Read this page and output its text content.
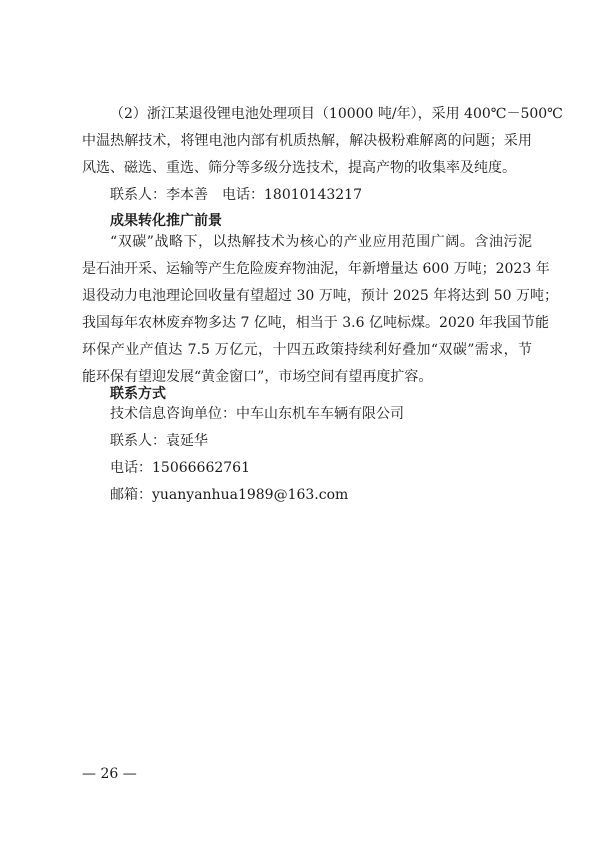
（2）浙江某退役锂电池处理项目（10000 吨/年），采用 400℃－500℃
中温热解技术，将锂电池内部有机质热解，解决极粉难解离的问题；采用
风选、磁选、重选、筛分等多级分选技术，提高产物的收集率及纯度。
联系人：李本善　电话：18010143217
成果转化推广前景
“双碳”战略下，以热解技术为核心的产业应用范围广阔。含油污泥
是石油开采、运输等产生危险废弃物油泥，年新增量达 600 万吨；2023 年
退役动力电池理论回收量有望超过 30 万吨，预计 2025 年将达到 50 万吨；
我国每年农林废弃物多达 7 亿吨，相当于 3.6 亿吨标煤。2020 年我国节能
环保产业产值达 7.5 万亿元，十四五政策持续利好叠加“双碳”需求，节
能环保有望迎发展“黄金窗口”，市场空间有望再度扩容。
联系方式
技术信息咨询单位：中车山东机车车辆有限公司
联系人：袁延华
电话：15066662761
邮箱：yuanyanhua1989@163.com
— 26 —
